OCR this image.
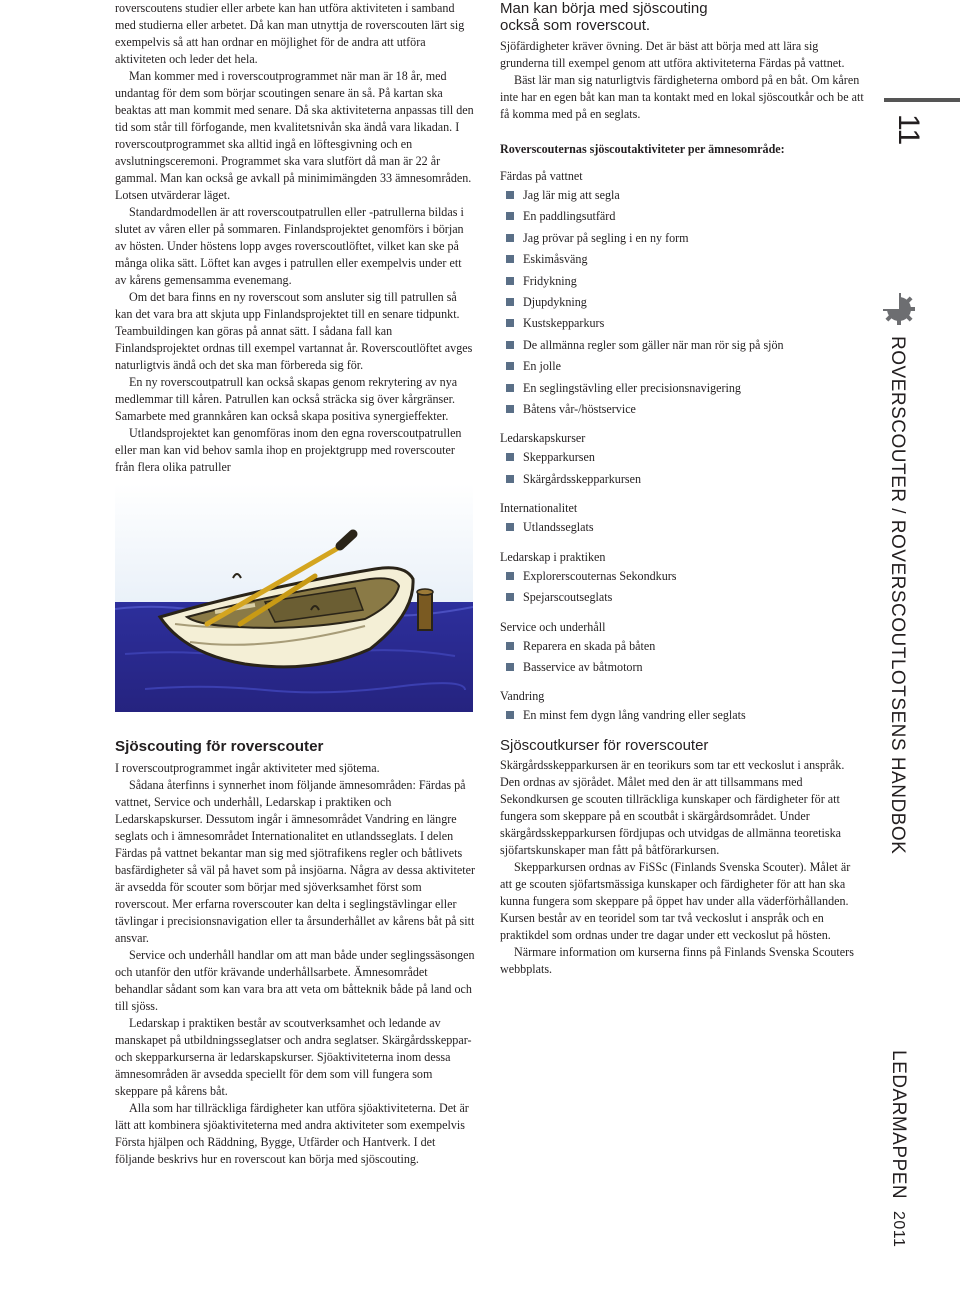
roverscoutens studier eller arbete kan han utföra aktiviteten i samband med studierna eller arbetet. Då kan man utnyttja de roverscouten lärt sig exempelvis så att han ordnar en möjlighet för de andra att utföra aktiviteten och leder det hela.

Man kommer med i roverscoutprogrammet när man är 18 år, med undantag för dem som börjar scoutingen senare än så. På kartan ska beaktas att man kommit med senare. Då ska aktiviteterna anpassas till den tid som står till förfogande, men kvalitetsnivån ska ändå vara likadan. I roverscoutprogrammet ska alltid ingå en löftesgivning och en avslutningsceremoni. Programmet ska vara slutfört då man är 22 år gammal. Man kan också ge avkall på minimimängden 33 ämnesområden. Lotsen utvärderar läget.

Standardmodellen är att roverscoutpatrullen eller -patrullerna bildas i slutet av våren eller på sommaren. Finlandsprojektet genomförs i början av hösten. Under höstens lopp avges roverscoutlöftet, vilket kan ske på många olika sätt. Löftet kan avges i patrullen eller exempelvis under ett av kårens gemensamma evenemang.

Om det bara finns en ny roverscout som ansluter sig till patrullen så kan det vara bra att skjuta upp Finlandsprojektet till en senare tidpunkt. Teambuildingen kan göras på annat sätt. I sådana fall kan Finlandsprojektet ordnas till exempel vartannat år. Roverscoutlöftet avges naturligtvis ändå och det ska man förbereda sig för.

En ny roverscoutpatrull kan också skapas genom rekrytering av nya medlemmar till kåren. Patrullen kan också sträcka sig över kårgränser. Samarbete med grannkåren kan också skapa positiva synergieffekter.

Utlandsprojektet kan genomföras inom den egna roverscoutpatrullen eller man kan vid behov samla ihop en projektgrupp med roverscouter från flera olika patruller

Sjöscouting för roverscouter

I roverscoutprogrammet ingår aktiviteter med sjötema.

Sådana återfinns i synnerhet inom följande ämnesområden: Färdas på vattnet, Service och underhåll, Ledarskap i praktiken och Ledarskapskurser. Dessutom ingår i ämnesområdet Vandring en längre seglats och i ämnesområdet Internationalitet en utlandsseglats. I delen Färdas på vattnet bekantar man sig med sjötrafikens regler och båtlivets basfärdigheter så väl på havet som på insjöarna. Några av dessa aktiviteter är avsedda för scouter som börjar med sjöverksamhet först som roverscout. Mer erfarna roverscouter kan delta i seglingstävlingar eller tävlingar i precisionsnavigation eller ta årsunderhållet av kårens båt på sitt ansvar.

Service och underhåll handlar om att man både under seglingssäsongen och utanför den utför krävande underhållsarbete. Ämnesområdet behandlar sådant som kan vara bra att veta om båtteknik både på land och till sjöss.

Ledarskap i praktiken består av scoutverksamhet och ledande av manskapet på utbildningsseglatser och andra seglatser. Skärgårdsskeppar- och skepparkurserna är ledarskapskurser. Sjöaktiviteterna inom dessa ämnesområden är avsedda speciellt för dem som vill fungera som skeppare på kårens båt.

Alla som har tillräckliga färdigheter kan utföra sjöaktiviteterna. Det är lätt att kombinera sjöaktiviteterna med andra aktiviteter som exempelvis Första hjälpen och Räddning, Bygge, Utfärder och Hantverk. I det följande beskrivs hur en roverscout kan börja med sjöscouting.

Man kan börja med sjöscouting
också som roverscout.

Sjöfärdigheter kräver övning. Det är bäst att börja med att lära sig grunderna till exempel genom att utföra aktiviteterna Färdas på vattnet.

Bäst lär man sig naturligtvis färdigheterna ombord på en båt. Om kåren inte har en egen båt kan man ta kontakt med en lokal sjöscoutkår och be att få komma med på en seglats.

Roverscouternas sjöscoutaktiviteter per ämnesområde:

Färdas på vattnet
Jag lär mig att segla
En paddlingsutfärd
Jag prövar på segling i en ny form
Eskimåsväng
Fridykning
Djupdykning
Kustskepparkurs
De allmänna regler som gäller när man rör sig på sjön
En jolle
En seglingstävling eller precisionsnavigering
Båtens vår-/höstservice
Ledarskapskurser
Skepparkursen
Skärgårdsskepparkursen
Internationalitet
Utlandsseglats
Ledarskap i praktiken
Explorerscouternas Sekondkurs
Spejarscoutseglats
Service och underhåll
Reparera en skada på båten
Basservice av båtmotorn
Vandring
En minst fem dygn lång vandring eller seglats
Sjöscoutkurser för roverscouter

Skärgårdsskepparkursen är en teorikurs som tar ett veckoslut i anspråk. Den ordnas av sjörådet. Målet med den är att tillsammans med Sekondkursen ge scouten tillräckliga kunskaper och färdigheter för att fungera som skeppare på en scoutbåt i skärgårdsområdet. Under skärgårdsskepparkursen fördjupas och utvidgas de allmänna teoretiska sjöfartskunskaper man fått på båtförarkursen.

Skepparkursen ordnas av FiSSc (Finlands Svenska Scouter). Målet är att ge scouten sjöfartsmässiga kunskaper och färdigheter för att han ska kunna fungera som skeppare på öppet hav under alla väderförhållanden. Kursen består av en teoridel som tar två veckoslut i anspråk och en praktikdel som ordnas under tre dagar under ett veckoslut på hösten.

Närmare information om kurserna finns på Finlands Svenska Scouters webbplats.

11
ROVERSCOUTER / ROVERSCOUTLOTSENS HANDBOK
LEDARMAPPEN 2011
